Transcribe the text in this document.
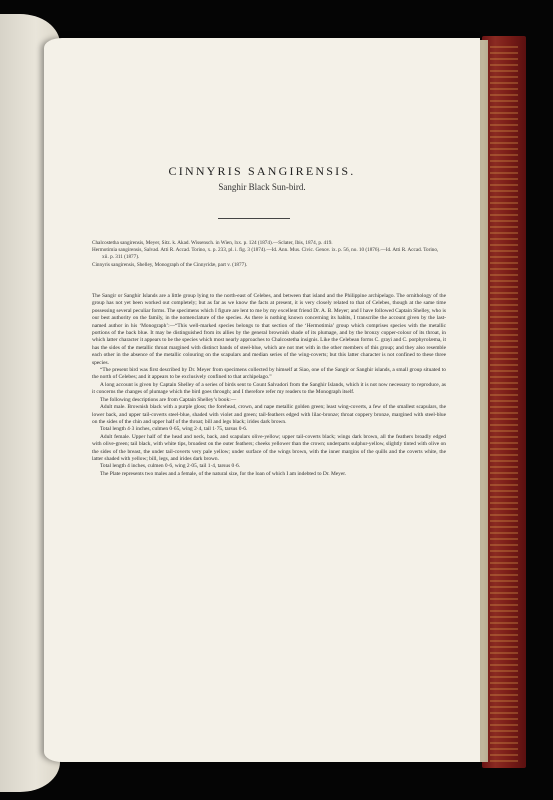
CINNYRIS SANGIRENSIS.
Sanghir Black Sun-bird.
Chalcostetha sangirensis, Meyer, Sitz. k. Akad. Wissensch. in Wien, lxx. p. 124 (1874).—Sclater, Ibis, 1874, p. 419.
Hermotimia sangirensis, Salvad. Atti R. Accad. Torino, x. p. 233, pl. i. fig. 3 (1874).—Id. Ann. Mus. Civic. Genov. ix. p. 56, no. 10 (1876).—Id. Atti R. Accad. Torino, xii. p. 311 (1877).
Cinnyris sangirensis, Shelley, Monograph of the Cinnyridæ, part v. (1877).

The Sangir or Sanghir Islands are a little group lying to the north-east of Celebes, and between that island and the Philippine archipelago. The ornithology of the group has not yet been worked out completely; but as far as we know the facts at present, it is very closely related to that of Celebes, though at the same time possessing several peculiar forms. The specimens which I figure are lent to me by my excellent friend Dr. A. B. Meyer; and I have followed Captain Shelley, who is our best authority on the family, in the nomenclature of the species. As there is nothing known concerning its habits, I transcribe the account given by the last-named author in his ‘Monograph’:—“This well-marked species belongs to that section of the ‘Hermotimia’ group which comprises species with the metallic portions of the back blue. It may be distinguished from its allies by the general brownish shade of its plumage, and by the bronzy copper-colour of its throat, in which latter character it appears to be the species which most nearly approaches to Chalcostetha insignis. Like the Celebean forms C. grayi and C. porphyrolæma, it has the sides of the metallic throat margined with distinct bands of steel-blue, which are not met with in the other members of this group; and they also resemble each other in the absence of the metallic colouring on the scapulars and median series of the wing-coverts; but this latter character is not confined to these three species.

“The present bird was first described by Dr. Meyer from specimens collected by himself at Siao, one of the Sangir or Sanghir islands, a small group situated to the north of Celebes; and it appears to be exclusively confined to that archipelago.”

A long account is given by Captain Shelley of a series of birds sent to Count Salvadori from the Sanghir Islands, which it is not now necessary to reproduce, as it concerns the changes of plumage which the bird goes through; and I therefore refer my readers to the Monograph itself.

The following descriptions are from Captain Shelley’s book:—

Adult male. Brownish black with a purple gloss; the forehead, crown, and nape metallic golden green; least wing-coverts, a few of the smallest scapulars, the lower back, and upper tail-coverts steel-blue, shaded with violet and green; tail-feathers edged with lilac-bronze; throat coppery bronze, margined with steel-blue on the sides of the chin and upper half of the throat; bill and legs black; irides dark brown.

Total length 4·3 inches, culmen 0·65, wing 2·4, tail 1·75, tarsus 0·6.

Adult female. Upper half of the head and neck, back, and scapulars olive-yellow; upper tail-coverts black; wings dark brown, all the feathers broadly edged with olive-green; tail black, with white tips, broadest on the outer feathers; cheeks yellower than the crown; underparts sulphur-yellow, slightly tinted with olive on the sides of the breast, the under tail-coverts very pale yellow; under surface of the wings brown, with the inner margins of the quills and the coverts white, the latter shaded with yellow; bill, legs, and irides dark brown.

Total length 4 inches, culmen 0·6, wing 2·05, tail 1·4, tarsus 0·6.

The Plate represents two males and a female, of the natural size, for the loan of which I am indebted to Dr. Meyer.
